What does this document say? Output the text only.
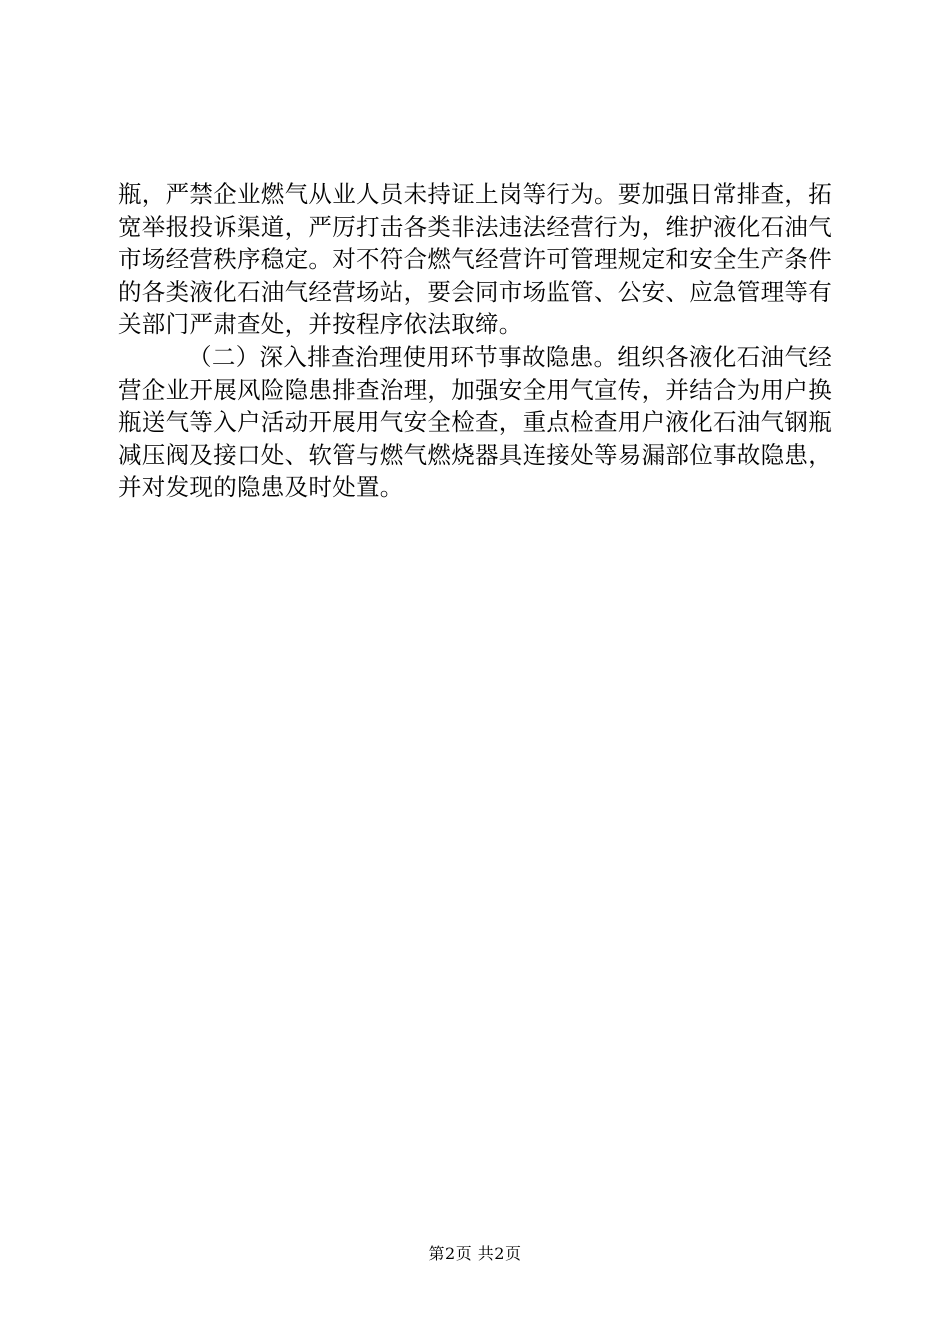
瓶，严禁企业燃气从业人员未持证上岗等行为。要加强日常排查，拓宽举报投诉渠道，严厉打击各类非法违法经营行为，维护液化石油气市场经营秩序稳定。对不符合燃气经营许可管理规定和安全生产条件的各类液化石油气经营场站，要会同市场监管、公安、应急管理等有关部门严肃查处，并按程序依法取缔。

（二）深入排查治理使用环节事故隐患。组织各液化石油气经营企业开展风险隐患排查治理，加强安全用气宣传，并结合为用户换瓶送气等入户活动开展用气安全检查，重点检查用户液化石油气钢瓶减压阀及接口处、软管与燃气燃烧器具连接处等易漏部位事故隐患，并对发现的隐患及时处置。

第2页 共2页
